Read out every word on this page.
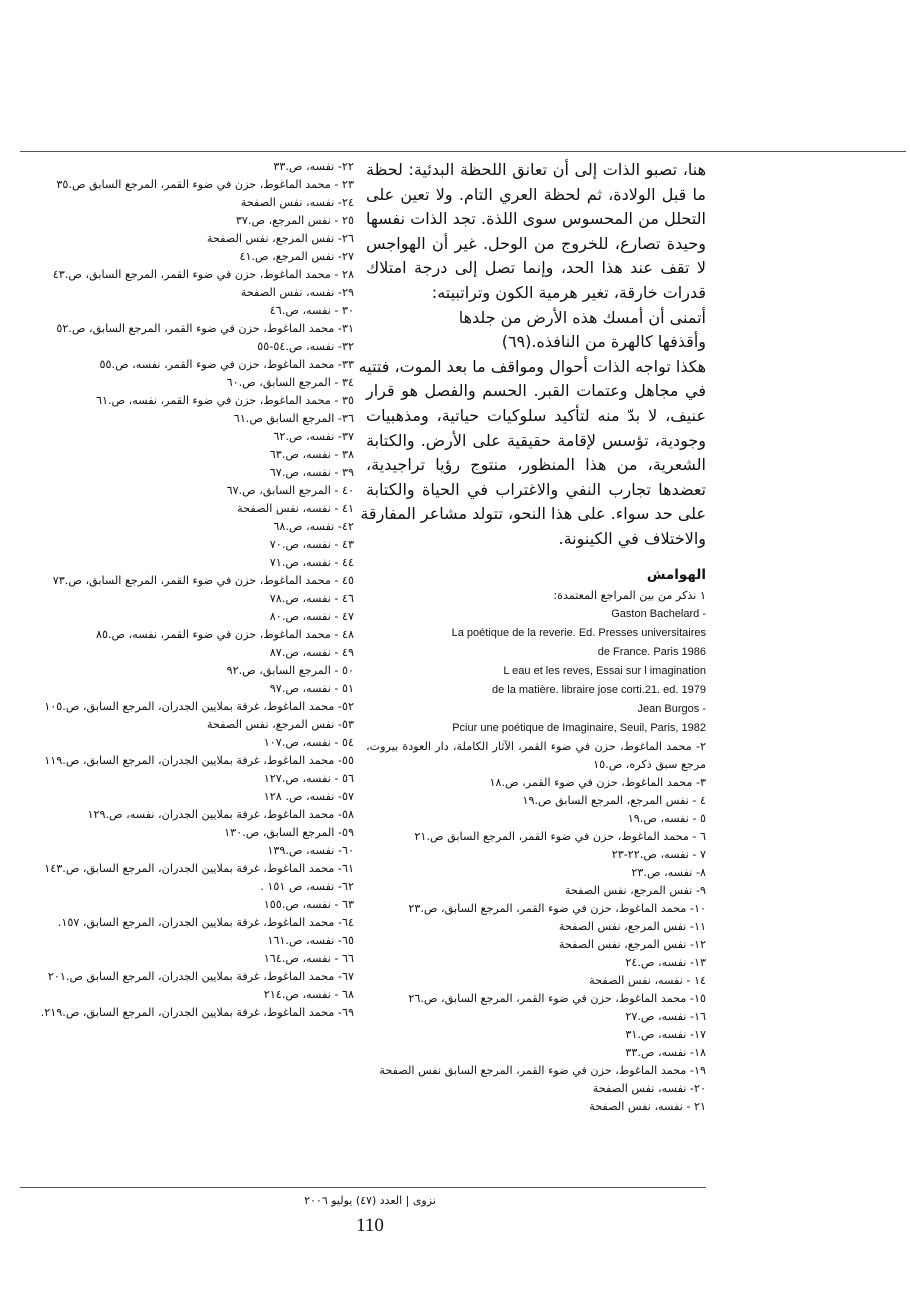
هنا، تصبو الذات إلى أن تعانق اللحظة البدئية: لحظة
ما قبل الولادة، ثم لحظة العري التام. ولا تعين على
التحلل من المحسوس سوى اللذة. تجد الذات نفسها
وحيدة تصارع، للخروج من الوحل. غير أن الهواجس
لا تقف عند هذا الحد، وإنما تصل إلى درجة امتلاك
قدرات خارقة، تغير هرمية الكون وتراتبيته:
أتمنى أن أمسك هذه الأرض من جلدها
وأقذفها كالهرة من النافذه.(٦٩)
هكذا تواجه الذات أحوال ومواقف ما بعد الموت، فتتيه
في مجاهل وعتمات القبر. الحسم والفصل هو قرار
عنيف، لا بدّ منه لتأكيد سلوكيات حياتية، ومذهبيات
وجودية، تؤسس لإقامة حقيقية على الأرض. والكتابة
الشعرية، من هذا المنظور، منتوج رؤيا تراجيدية،
تعضدها تجارب النفي والاغتراب في الحياة والكتابة
على حد سواء. على هذا النحو، تتولد مشاعر المفارقة
والاختلاف في الكينونة.
الهوامش
١ نذكر من بين المراجع المعتمدة:
Gaston Bachelard -
La poétique de la reverie. Ed. Presses universitaires
de France. Paris 1986
L eau et les reves, Essai sur l imagination
de la matière. libraire jose corti.21. ed. 1979
Jean Burgos -
Pciur une poétique de Imaginaire, Seuil, Paris, 1982
٢- محمد الماغوط، حزن في ضوء القمر، الآثار الكاملة، دار العودة بيروت، مرجع سبق ذكره، ص.١٥
٣- محمد الماغوط، حزن في ضوء القمر، ص.١٨
٤ - نفس المرجع، المرجع السابق ص.١٩
٥ - نفسه، ص.١٩
٦ - محمد الماغوط، حزن في ضوء القمر، المرجع السابق ص.٢١
٧ - نفسه، ص.٢٢-٢٣
٨- نفسه، ص.٢٣
٩- نفس المرجع، نفس الصفحة
١٠- محمد الماغوط، حزن في ضوء القمر، المرجع السابق، ص.٢٣
١١- نفس المرجع، نفس الصفحة
١٢- نفس المرجع، نفس الصفحة
١٣- نفسه، ص.٢٤
١٤ - نفسه، نفس الصفحة
١٥- محمد الماغوط، حزن في ضوء القمر، المرجع السابق، ص.٢٦
١٦- نفسه، ص.٢٧
١٧- نفسه، ص.٣١
١٨- نفسه، ص.٣٣
١٩- محمد الماغوط، حزن في ضوء القمر، المرجع السابق نفس الصفحة
٢٠- نفسه، نفس الصفحة
٢١ - نفسه، نفس الصفحة
٢٢- نفسه، ص.٣٣
٢٣ - محمد الماغوط، حزن في ضوء القمر، المرجع السابق ص.٣٥
٢٤- نفسه، نفس الصفحة
٢٥ - نفس المرجع، ص.٣٧
٢٦- نفس المرجع، نفس الصفحة
٢٧- نفس المرجع، ص.٤١
٢٨ - محمد الماغوط، حزن في ضوء القمر، المرجع السابق، ص.٤٣
٢٩- نفسه، نفس الصفحة
٣٠ - نفسه، ص.٤٦
٣١- محمد الماغوط، حزن في ضوء القمر، المرجع السابق، ص.٥٢
٣٢- نفسه، ص.٥٤-٥٥
٣٣- محمد الماغوط، حزن في ضوء القمر، نفسه، ص.٥٥
٣٤ - المرجع السابق، ص.٦٠
٣٥ - محمد الماغوط، حزن في ضوء القمر، نفسه، ص.٦١
٣٦- المرجع السابق ص.٦١
٣٧- نفسه، ص.٦٢
٣٨ - نفسه، ص.٦٣
٣٩ - نفسه، ص.٦٧
٤٠ - المرجع السابق، ص.٦٧
٤١ - نفسه، نفس الصفحة
٤٢- نفسه، ص.٦٨
٤٣ - نفسه، ص.٧٠
٤٤ - نفسه، ص.٧١
٤٥ - محمد الماغوط، حزن في ضوء القمر، المرجع السابق، ص.٧٣
٤٦ - نفسه، ص.٧٨
٤٧ - نفسه، ص.٨٠
٤٨ - محمد الماغوط، حزن في ضوء القمر، نفسه، ص.٨٥
٤٩ - نفسه، ص.٨٧
٥٠ - المرجع السابق، ص.٩٢
٥١ - نفسه، ص.٩٧
٥٢- محمد الماغوط، غرفة بملايين الجدران، المرجع السابق، ص.١٠٥
٥٣- نفس المرجع، نفس الصفحة
٥٤ - نفسه، ص.١٠٧
٥٥- محمد الماغوط، غرفة بملايين الجدران، المرجع السابق، ص.١١٩
٥٦ - نفسه، ص.١٢٧
٥٧- نفسه، ص. ١٢٨
٥٨- محمد الماغوط، غرفة بملايين الجدران، نفسه، ص.١٢٩
٥٩- المرجع السابق، ص.١٣٠
٦٠- نفسه، ص.١٣٩
٦١- محمد الماغوط، غرفة بملايين الجدران، المرجع السابق، ص.١٤٣
٦٢- نفسه، ص ١٥١ .
٦٣ - نفسه، ص.١٥٥
٦٤- محمد الماغوط، غرفة بملايين الجدران، المرجع السابق، ١٥٧.
٦٥- نفسه، ص.١٦١
٦٦ - نفسه، ص.١٦٤
٦٧- محمد الماغوط، غرفة بملايين الجدران، المرجع السابق ص.٢٠١
٦٨ - نفسه، ص.٢١٤
٦٩- محمد الماغوط، غرفة بملايين الجدران، المرجع السابق، ص.٢١٩.
نزوى | العدد (٤٧) يوليو ٢٠٠٦
110
